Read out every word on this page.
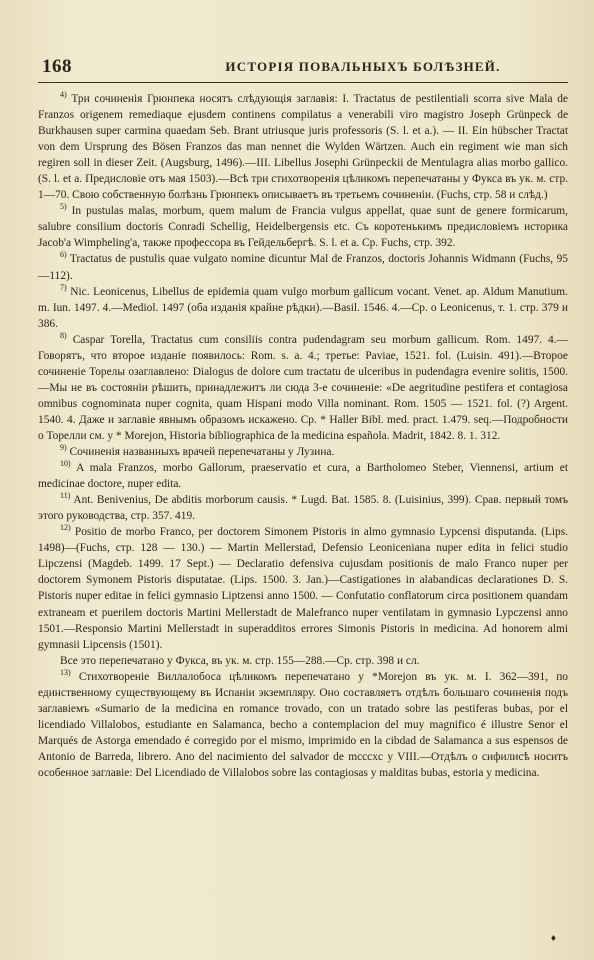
168	ИСТОРІЯ ПОВАЛЬНЫХЪ БОЛѢЗНЕЙ.

$^{4)}$ Три сочиненія Грюнпека носятъ слѣдующія заглавія: I. Tractatus de pestilentiali scorra sive Mala de Franzos origenem remediaque ejusdem continens compilatus a venerabili viro magistro Joseph Grünpeck de Burkhausen super carmina quaedam Seb. Brant utriusque juris professoris (S. l. et a.). — II. Ein hübscher Tractat von dem Ursprung des Bösen Franzos das man nennet die Wylden Wärtzen. Auch ein regiment wie man sich regiren soll in dieser Zeit. (Augsburg, 1496).—III. Libellus Josephi Grünpeckii de Mentulagra alias morbo gallico. (S. l. et a. Предисловіе отъ мая 1503).—Всѣ три стихотворенія цѣликомъ перепечатаны у Фукса въ ук. м. стр. 1—70. Свою собственную болѣзнь Грюнпекъ описываетъ въ третьемъ сочиненіи. (Fuchs, стр. 58 и слѣд.)

$^{5)}$ In pustulas malas, morbum, quem malum de Francia vulgus appellat, quae sunt de genere formicarum, salubre consilium doctoris Conradi Schellig, Heidelbergensis etc. Съ коротенькимъ предисловіемъ историка Jacob'a Wimpheling'a, также профессора въ Гейдельбергѣ. S. l. et a. Ср. Fuchs, стр. 392.

$^{6)}$ Tractatus de pustulis quae vulgato nomine dicuntur Mal de Franzos, doctoris Johannis Widmann (Fuchs, 95—112).

$^{7)}$ Nic. Leonicenus, Libellus de epidemia quam vulgo morbum gallicum vocant. Venet. ap. Aldum Manutium. m. Iun. 1497. 4.—Mediol. 1497 (оба изданія крайне рѣдки).—Basil. 1546. 4.—Ср. о Leonicenus, т. 1. стр. 379 и 386.

$^{8)}$ Caspar Torella, Tractatus cum consiliis contra pudendagram seu morbum gallicum. Rom. 1497. 4.—Говорятъ, что второе изданіе появилось: Rom. s. a. 4.; третье: Paviae, 1521. fol. (Luisin. 491).—Второе сочиненіе Торелы озаглавлено: Dialogus de dolore cum tractatu de ulceribus in pudendagra evenire solitis, 1500.—Мы не въ состояніи рѣшить, принадлежитъ ли сюда 3-е сочиненіе: «De aegritudine pestifera et contagiosa omnibus cognominata nuper cognita, quam Hispani modo Villa nominant. Rom. 1505 — 1521. fol. (?) Argent. 1540. 4. Даже и заглавіе явнымъ образомъ искажено. Ср. * Haller Bibl. med. pract. 1.479. seq.—Подробности о Торелли см. у * Morejon, Historia bibliographica de la medicina española. Madrit, 1842. 8. 1. 312.

$^{9)}$ Сочиненія названныхъ врачей перепечатаны у Лузина.

$^{10)}$ A mala Franzos, morbo Gallorum, praeservatio et cura, a Bartholomeo Steber, Viennensi, artium et medicinae doctore, nuper edita.

$^{11)}$ Ant. Benivenius, De abditis morborum causis. * Lugd. Bat. 1585. 8. (Luisinius, 399). Срав. первый томъ этого руководства, стр. 357. 419.

$^{12)}$ Positio de morbo Franco, per doctorem Simonem Pistoris in almo gymnasio Lypcensi disputanda. (Lips. 1498)—(Fuchs, стр. 128 — 130.) — Martin Mellerstad, Defensio Leoniceniana nuper edita in felici studio Lipczensi (Magdeb. 1499. 17 Sept.) — Declaratio defensiva cujusdam positionis de malo Franco nuper per doctorem Symonem Pistoris disputatae. (Lips. 1500. 3. Jan.)—Castigationes in alabandicas declarationes D. S. Pistoris nuper editae in felici gymnasio Liptzensi anno 1500. — Confutatio conflatorum circa positionem quandam extraneam et puerilem doctoris Martini Mellerstadt de Malefranco nuper ventilatam in gymnasio Lypczensi anno 1501.—Responsio Martini Mellerstadt in superadditos errores Simonis Pistoris in medicina. Ad honorem almi gymnasii Lipcensis (1501).

Все это перепечатано у Фукса, въ ук. м. стр. 155—288.—Ср. стр. 398 и сл.

$^{13)}$ Стихотвореніе Виллалобоса цѣликомъ перепечатано у *Morejon въ ук. м. I. 362—391, по единственному существующему въ Испаніи экземпляру. Оно составляетъ отдѣлъ большаго сочиненія подъ заглавіемъ «Sumario de la medicina en romance trovado, con un tratado sobre las pestiferas bubas, por el licendiado Villalobos, estudiante en Salamanca, becho a contemplacion del muy magnifico é illustre Senor el Marqués de Astorga emendado é corregido por el mismo, imprimido en la cibdad de Salamanca a sus espensos de Antonio de Barreda, librero. Ano del nacimiento del salvador de mcccxc y VIII.—Отдѣлъ о сифилисѣ носитъ особенное заглавіе: Del Licendiado de Villalobos sobre las contagiosas y malditas bubas, estoria y medicina.

♦
